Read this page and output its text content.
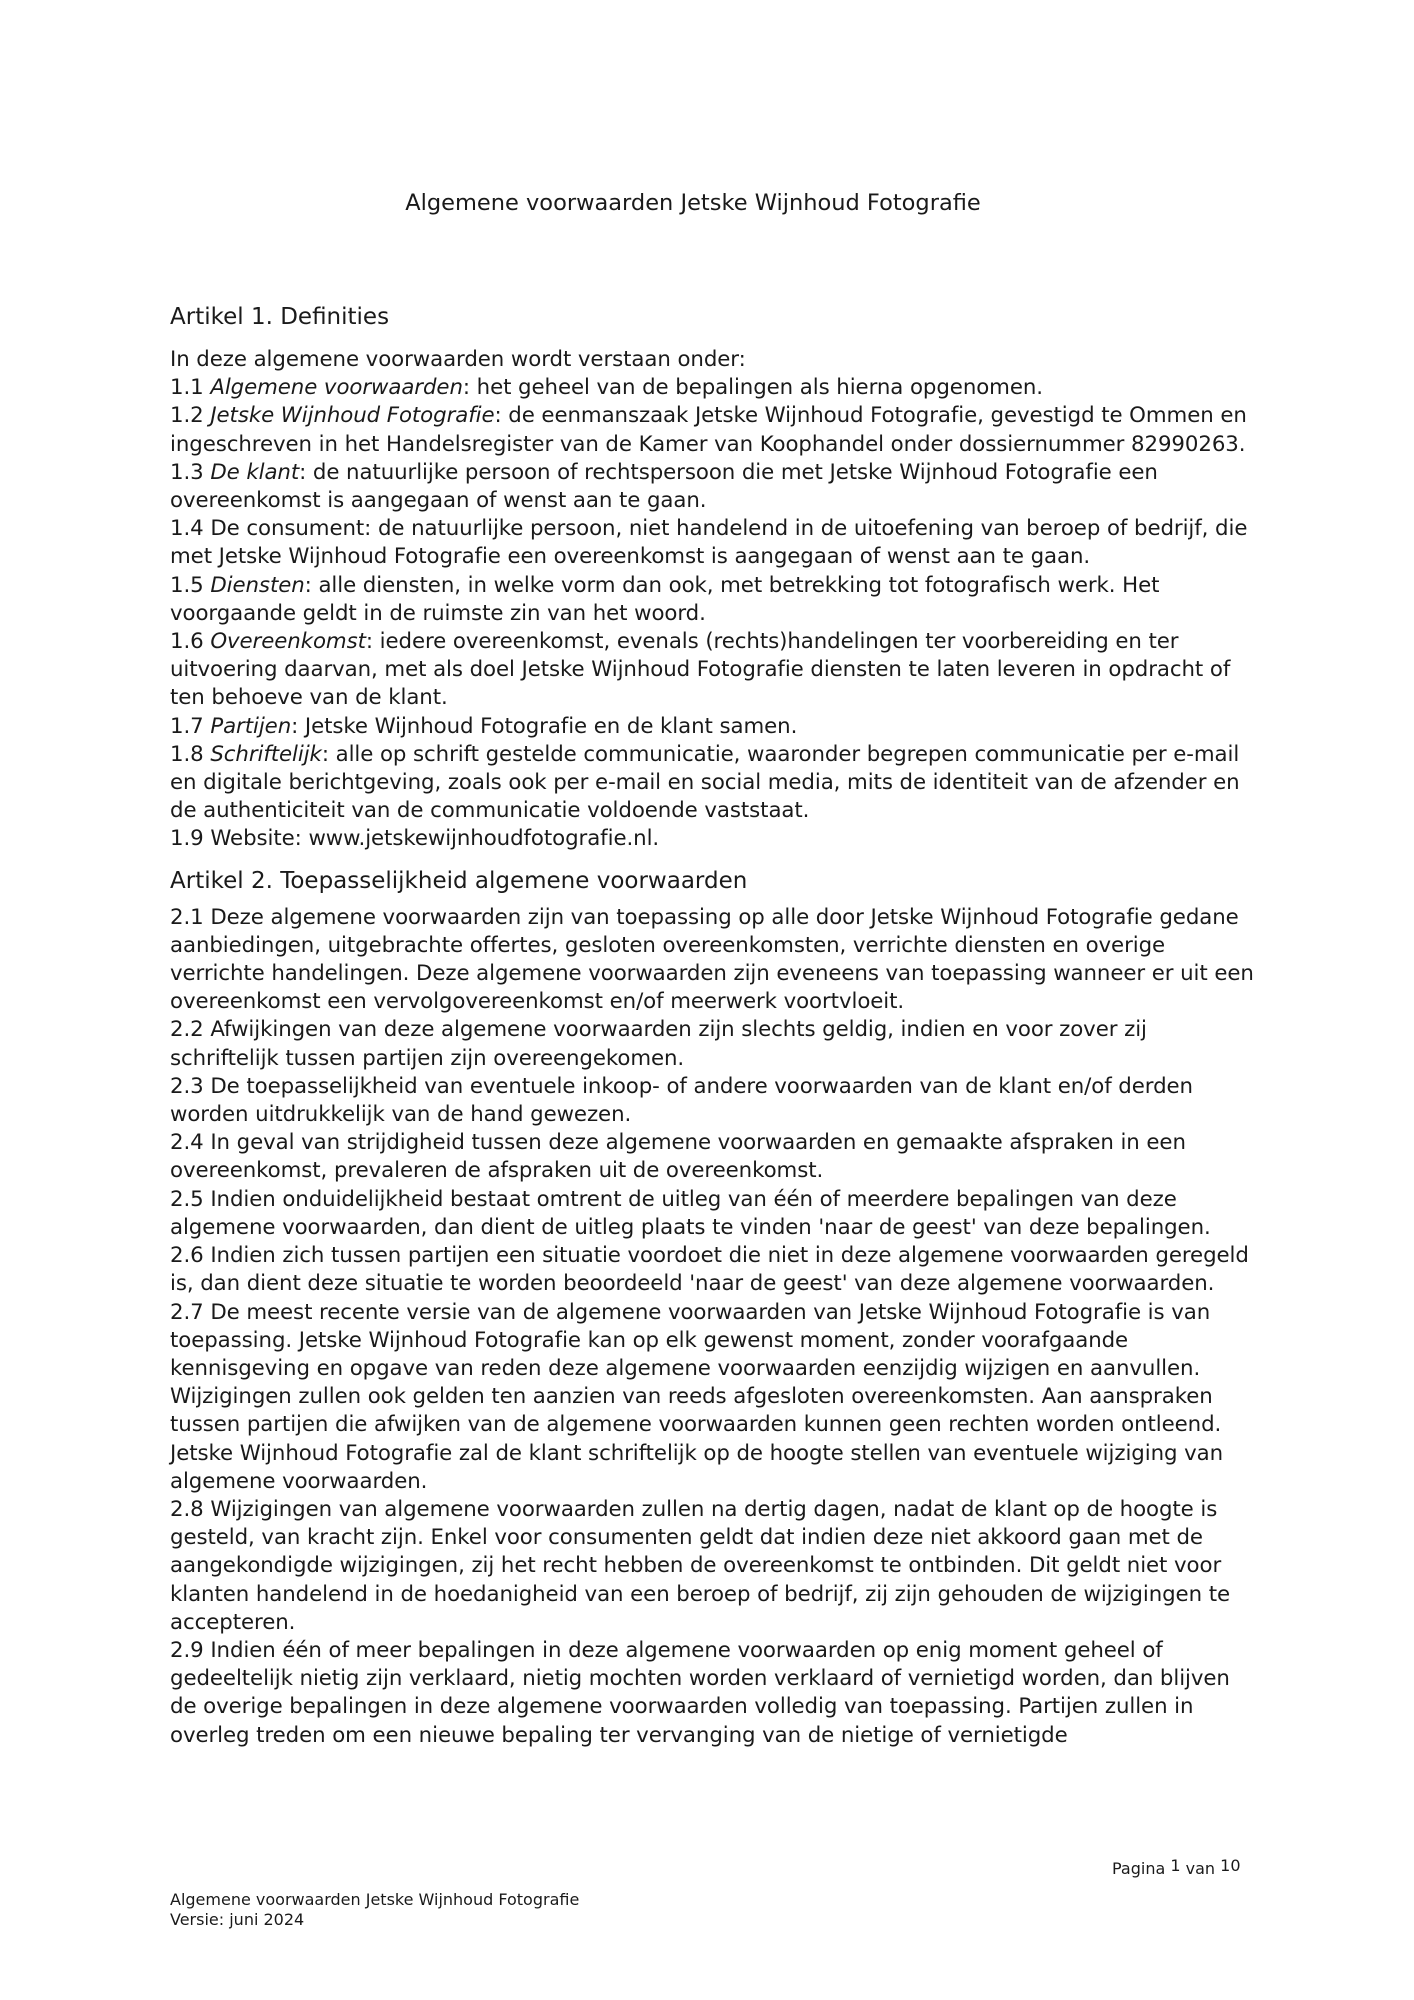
Algemene voorwaarden Jetske Wijnhoud Fotografie
Artikel 1. Definities

In deze algemene voorwaarden wordt verstaan onder:

1.1 Algemene voorwaarden: het geheel van de bepalingen als hierna opgenomen.

1.2 Jetske Wijnhoud Fotografie: de eenmanszaak Jetske Wijnhoud Fotografie, gevestigd te Ommen en ingeschreven in het Handelsregister van de Kamer van Koophandel onder dossiernummer 82990263.

1.3 De klant: de natuurlijke persoon of rechtspersoon die met Jetske Wijnhoud Fotografie een overeenkomst is aangegaan of wenst aan te gaan.

1.4 De consument: de natuurlijke persoon, niet handelend in de uitoefening van beroep of bedrijf, die met Jetske Wijnhoud Fotografie een overeenkomst is aangegaan of wenst aan te gaan.

1.5 Diensten: alle diensten, in welke vorm dan ook, met betrekking tot fotografisch werk. Het voorgaande geldt in de ruimste zin van het woord.

1.6 Overeenkomst: iedere overeenkomst, evenals (rechts)handelingen ter voorbereiding en ter uitvoering daarvan, met als doel Jetske Wijnhoud Fotografie diensten te laten leveren in opdracht of ten behoeve van de klant.

1.7 Partijen: Jetske Wijnhoud Fotografie en de klant samen.

1.8 Schriftelijk: alle op schrift gestelde communicatie, waaronder begrepen communicatie per e-mail en digitale berichtgeving, zoals ook per e-mail en social media, mits de identiteit van de afzender en de authenticiteit van de communicatie voldoende vaststaat.

1.9 Website: www.jetskewijnhoudfotografie.nl.

Artikel 2. Toepasselijkheid algemene voorwaarden

2.1 Deze algemene voorwaarden zijn van toepassing op alle door Jetske Wijnhoud Fotografie gedane aanbiedingen, uitgebrachte offertes, gesloten overeenkomsten, verrichte diensten en overige verrichte handelingen. Deze algemene voorwaarden zijn eveneens van toepassing wanneer er uit een overeenkomst een vervolgovereenkomst en/of meerwerk voortvloeit.

2.2 Afwijkingen van deze algemene voorwaarden zijn slechts geldig, indien en voor zover zij schriftelijk tussen partijen zijn overeengekomen.

2.3 De toepasselijkheid van eventuele inkoop- of andere voorwaarden van de klant en/of derden worden uitdrukkelijk van de hand gewezen.

2.4 In geval van strijdigheid tussen deze algemene voorwaarden en gemaakte afspraken in een overeenkomst, prevaleren de afspraken uit de overeenkomst.

2.5 Indien onduidelijkheid bestaat omtrent de uitleg van één of meerdere bepalingen van deze algemene voorwaarden, dan dient de uitleg plaats te vinden 'naar de geest' van deze bepalingen.

2.6 Indien zich tussen partijen een situatie voordoet die niet in deze algemene voorwaarden geregeld is, dan dient deze situatie te worden beoordeeld 'naar de geest' van deze algemene voorwaarden.

2.7 De meest recente versie van de algemene voorwaarden van Jetske Wijnhoud Fotografie is van toepassing. Jetske Wijnhoud Fotografie kan op elk gewenst moment, zonder voorafgaande kennisgeving en opgave van reden deze algemene voorwaarden eenzijdig wijzigen en aanvullen. Wijzigingen zullen ook gelden ten aanzien van reeds afgesloten overeenkomsten. Aan aanspraken tussen partijen die afwijken van de algemene voorwaarden kunnen geen rechten worden ontleend. Jetske Wijnhoud Fotografie zal de klant schriftelijk op de hoogte stellen van eventuele wijziging van algemene voorwaarden.

2.8 Wijzigingen van algemene voorwaarden zullen na dertig dagen, nadat de klant op de hoogte is gesteld, van kracht zijn. Enkel voor consumenten geldt dat indien deze niet akkoord gaan met de aangekondigde wijzigingen, zij het recht hebben de overeenkomst te ontbinden. Dit geldt niet voor klanten handelend in de hoedanigheid van een beroep of bedrijf, zij zijn gehouden de wijzigingen te accepteren.

2.9 Indien één of meer bepalingen in deze algemene voorwaarden op enig moment geheel of gedeeltelijk nietig zijn verklaard, nietig mochten worden verklaard of vernietigd worden, dan blijven de overige bepalingen in deze algemene voorwaarden volledig van toepassing. Partijen zullen in overleg treden om een nieuwe bepaling ter vervanging van de nietige of vernietigde

Pagina 1 van 10
Algemene voorwaarden Jetske Wijnhoud Fotografie
Versie: juni 2024
